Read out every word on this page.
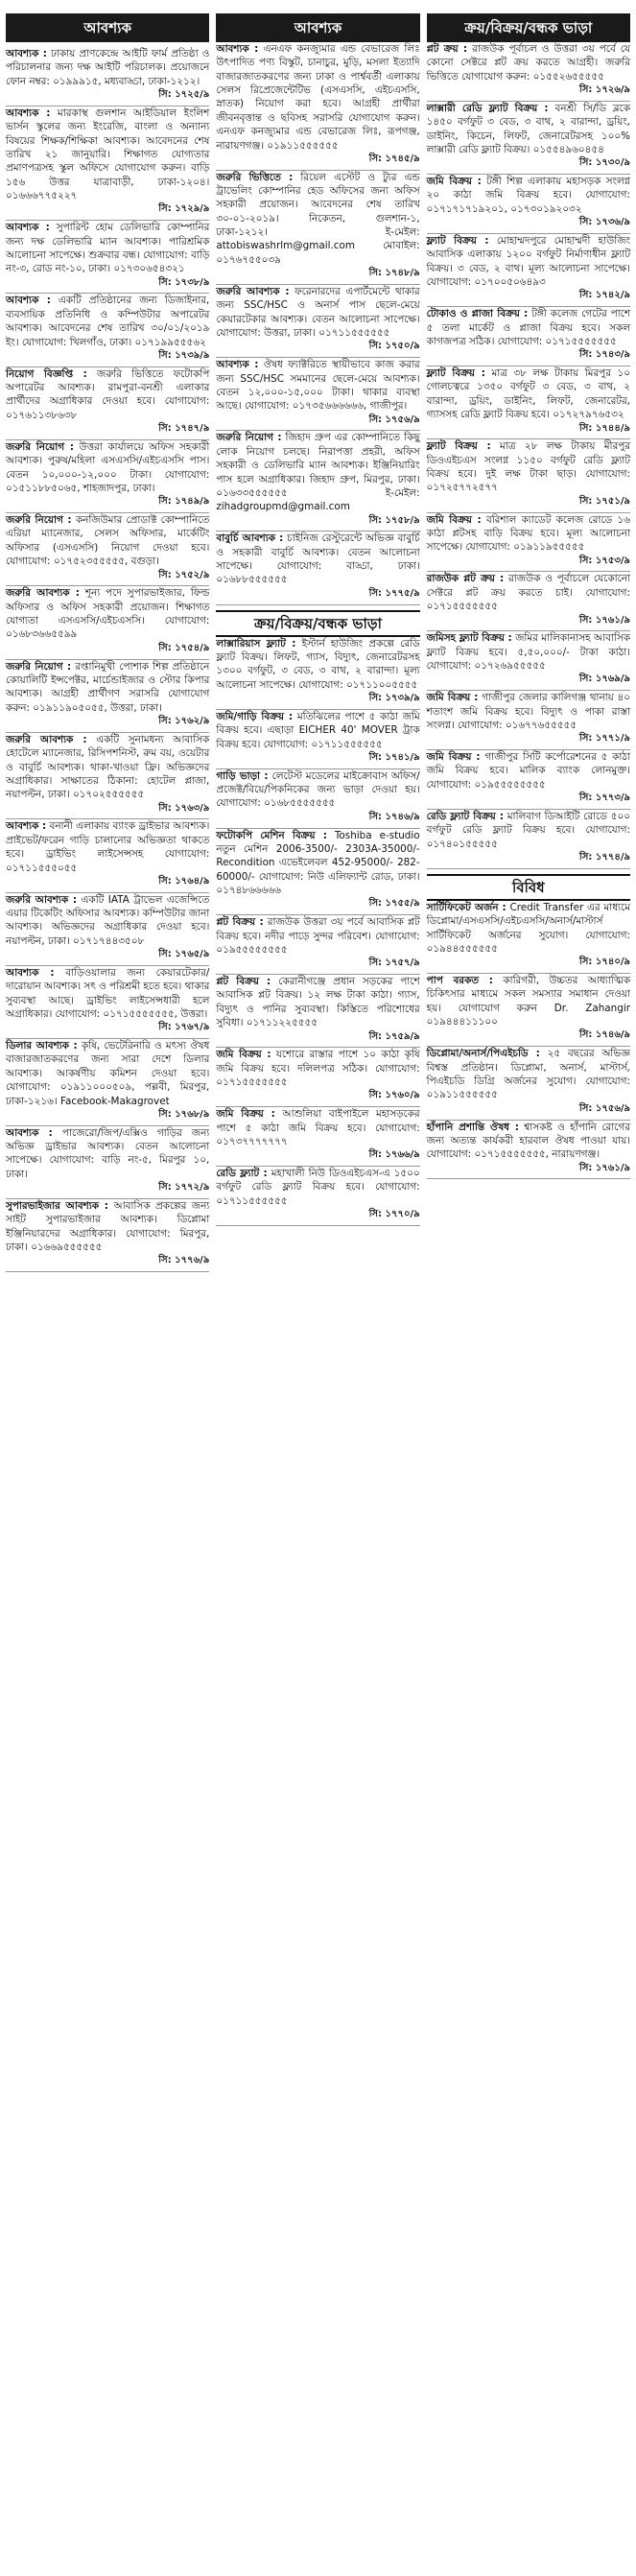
আবশ্যক
আবশ্যক : ঢাকায় প্রাণকেন্দ্রে আইটি ফার্ম প্রতিষ্ঠা ও পরিচালনার জন্য দক্ষ আইটি পরিচালক। প্রয়োজনে ফোন নম্বর: ০১৯৯৯১৫, মধ্যবাড্ডা, ঢাকা-১২১২।
সি: ১৭২৫/৯
আবশ্যক : মারকাস্থ গুলশান আইডিয়াল ইংলিশ ভার্সন স্কুলের জন্য ইংরেজি, বাংলা ও অন্যান্য বিষয়ের শিক্ষক/শিক্ষিকা আবশ্যক। আবেদনের শেষ তারিখ ২১ জানুয়ারি। শিক্ষাগত যোগ্যতার প্রমাণপত্রসহ স্কুল অফিসে যোগাযোগ করুন। বাড়ি ১৫৬ উত্তর যাত্রাবাড়ী, ঢাকা-১২০৪। ০১৬৬৬৭৭৫২২৭
সি: ১৭২৯/৯
আবশ্যক : সুপারিন্ট হোম ডেলিভারি কোম্পানির জন্য দক্ষ ডেলিভারি ম্যান আবশ্যক। পারিশ্রমিক আলোচনা সাপেক্ষে। শুক্রবার বন্ধ। যোগাযোগ: বাড়ি নং-৩, রোড নং-১০, ঢাকা। ০১৭৩০৬৫৪৩২১
সি: ১৭৩৮/৯
আবশ্যক : একটি প্রতিষ্ঠানের জন্য ডিজাইনার, ব্যবসায়িক প্রতিনিধি ও কম্পিউটার অপারেটর আবশ্যক। আবেদনের শেষ তারিখ ৩০/০১/২০১৯ ইং। যোগাযোগ: খিলগাঁও, ঢাকা। ০১৭১৯৯৫৫৫৬২
সি: ১৭৩৯/৯
নিয়োগ বিজ্ঞপ্তি : জরুরি ভিত্তিতে ফটোকপি অপারেটর আবশ্যক। রামপুরা-বনশ্রী এলাকার প্রার্থীদের অগ্রাধিকার দেওয়া হবে। যোগাযোগ: ০১৭৬১১৩৮৬৩৮
সি: ১৭৪৭/৯
জরুরি নিয়োগ : উত্তরা কার্যালয়ে অফিস সহকারী আবশ্যক। পুরুষ/মহিলা এসএসসি/এইচএসসি পাস। বেতন ১০,০০০-১২,০০০ টাকা। যোগাযোগ: ০১৫১১৮৮৫০৬৫, শাহজাদপুর, ঢাকা।
সি: ১৭৪৯/৯
জরুরি নিয়োগ : কনজিউমার প্রোডাক্ট কোম্পানিতে এরিয়া ম্যানেজার, সেলস অফিসার, মার্কেটিং অফিসার (এসএসসি) নিয়োগ দেওয়া হবে। যোগাযোগ: ০১৭৫২৩৫৫৫৫৫, বগুড়া।
সি: ১৭৫২/৯
জরুরি আবশ্যক : শূন্য পদে সুপারভাইজার, ফিল্ড অফিসার ও অফিস সহকারী প্রয়োজন। শিক্ষাগত যোগ্যতা এসএসসি/এইচএসসি। যোগাযোগ: ০১৬৮৩৬৬৫৫৯৯
সি: ১৭৫৪/৯
জরুরি নিয়োগ : রপ্তানিমুখী পোশাক শিল্প প্রতিষ্ঠানে কোয়ালিটি ইন্সপেক্টর, মার্চেন্ডাইজার ও স্টোর কিপার আবশ্যক। আগ্রহী প্রার্থীগণ সরাসরি যোগাযোগ করুন: ০১৯১১৯০৫০৫৫, উত্তরা, ঢাকা।
সি: ১৭৬২/৯
জরুরি আবশ্যক : একটি সুনামধন্য আবাসিক হোটেলে ম্যানেজার, রিসিপশনিস্ট, রুম বয়, ওয়েটার ও বাবুর্চি আবশ্যক। থাকা-খাওয়া ফ্রি। অভিজ্ঞদের অগ্রাধিকার। সাক্ষাতের ঠিকানা: হোটেল প্লাজা, নয়াপল্টন, ঢাকা। ০১৭০২৫৫৫৫৫৫
সি: ১৭৬৩/৯
আবশ্যক : বনানী এলাকায় ব্যাংক ড্রাইভার আবশ্যক। প্রাইভেট/ফরেন গাড়ি চালানোর অভিজ্ঞতা থাকতে হবে। ড্রাইভিং লাইসেন্সসহ যোগাযোগ: ০১৭১১৫৫৫০৫৫
সি: ১৭৬৪/৯
জরুরি আবশ্যক : একটি IATA ট্রাভেল এজেন্সিতে এয়ার টিকেটিং অফিসার আবশ্যক। কম্পিউটার জানা আবশ্যক। অভিজ্ঞদের অগ্রাধিকার দেওয়া হবে। নয়াপল্টন, ঢাকা। ০১৭১৭৪৪৩৫০৮
সি: ১৭৬৫/৯
আবশ্যক : বাড়িওয়ালার জন্য কেয়ারটেকার/দারোয়ান আবশ্যক। সৎ ও পরিশ্রমী হতে হবে। থাকার সুব্যবস্থা আছে। ড্রাইভিং লাইসেন্সধারী হলে অগ্রাধিকার। যোগাযোগ: ০১৭১৫৫৫৫৫৫৫, উত্তরা।
সি: ১৭৬৭/৯
ডিলার আবশ্যক : কৃষি, ভেটেরিনারি ও মৎস্য ঔষধ বাজারজাতকরণের জন্য সারা দেশে ডিলার আবশ্যক। আকর্ষণীয় কমিশন দেওয়া হবে। যোগাযোগ: ০১৯১১০০০৫০৯, পল্লবী, মিরপুর, ঢাকা-১২১৬। Facebook-Makagrovet
সি: ১৭৬৮/৯
আবশ্যক : পাজেরো/জিপ/এক্সিও গাড়ির জন্য অভিজ্ঞ ড্রাইভার আবশ্যক। বেতন আলোচনা সাপেক্ষে। যোগাযোগ: বাড়ি নং-৫, মিরপুর ১০, ঢাকা।
সি: ১৭৭২/৯
সুপারভাইজার আবশ্যক : আবাসিক প্রকল্পের জন্য সাইট সুপারভাইজার আবশ্যক। ডিপ্লোমা ইঞ্জিনিয়ারদের অগ্রাধিকার। যোগাযোগ: মিরপুর, ঢাকা। ০১৬৬৯৫৫৫৫৫৫
সি: ১৭৭৬/৯
আবশ্যক
আবশ্যক : এনএফ কনজ্যুমার এন্ড বেভারেজ লিঃ উৎপাদিত পণ্য বিস্কুট, চানাচুর, মুড়ি, মসলা ইত্যাদি বাজারজাতকরণের জন্য ঢাকা ও পার্শ্ববর্তী এলাকায় সেলস রিপ্রেজেন্টেটিভ (এসএসসি, এইচএসসি, স্নাতক) নিয়োগ করা হবে। আগ্রহী প্রার্থীরা জীবনবৃত্তান্ত ও ছবিসহ সরাসরি যোগাযোগ করুন। এনএফ কনজ্যুমার এন্ড বেভারেজ লিঃ, রূপগঞ্জ, নারায়ণগঞ্জ। ০১৯১১৫৫৫৫৫৫
সি: ১৭৪৫/৯
জরুরি ভিত্তিতে : রিয়েল এস্টেট ও ট্যুর এন্ড ট্রাভেলিং কোম্পানির হেড অফিসের জন্য অফিস সহকারী প্রয়োজন। আবেদনের শেষ তারিখ ৩০-০১-২০১৯। নিকেতন, গুলশান-১, ঢাকা-১২১২। ই-মেইল: attobiswashrlm@gmail.com মোবাইল: ০১৭৬৭৫৫০৩৯
সি: ১৭৪৮/৯
জরুরি আবশ্যক : ফরেনারদের এপার্টমেন্টে থাকার জন্য SSC/HSC ও অনার্স পাস ছেলে-মেয়ে কেয়ারটেকার আবশ্যক। বেতন আলোচনা সাপেক্ষে। যোগাযোগ: উত্তরা, ঢাকা। ০১৭১১৫৫৫৫৫৫
সি: ১৭৫০/৯
আবশ্যক : ঔষধ ফ্যাক্টরিতে স্থায়ীভাবে কাজ করার জন্য SSC/HSC সমমানের ছেলে-মেয়ে আবশ্যক। বেতন ১২,০০০-১৫,০০০ টাকা। থাকার ব্যবস্থা আছে। যোগাযোগ: ০১৭৩৫৬৬৬৬৬৬, গাজীপুর।
সি: ১৭৫৬/৯
জরুরি নিয়োগ : জিহাদ গ্রুপ এর কোম্পানিতে কিছু লোক নিয়োগ চলছে। নিরাপত্তা প্রহরী, অফিস সহকারী ও ডেলিভারি ম্যান আবশ্যক। ইঞ্জিনিয়ারিং পাস হলে অগ্রাধিকার। জিহাদ গ্রুপ, মিরপুর, ঢাকা। ০১৬৩৩৫৫৫৫৫৫ ই-মেইল: zihadgroupmd@gmail.com
সি: ১৭৫৮/৯
বাবুর্চি আবশ্যক : চাইনিজ রেস্টুরেন্টে অভিজ্ঞ বাবুর্চি ও সহকারী বাবুর্চি আবশ্যক। বেতন আলোচনা সাপেক্ষে। যোগাযোগ: বাড্ডা, ঢাকা। ০১৬৮৮৫৫৫৫৫৫
সি: ১৭৭৫/৯
ক্রয়/বিক্রয়/বন্ধক ভাড়া
লাক্সারিয়াস ফ্ল্যাট : ইস্টার্ন হাউজিং প্রকল্পে রেডি ফ্ল্যাট বিক্রয়। লিফট, গ্যাস, বিদ্যুৎ, জেনারেটরসহ ১৩০০ বর্গফুট, ৩ বেড, ৩ বাথ, ২ বারান্দা। মূল্য আলোচনা সাপেক্ষে। যোগাযোগ: ০১৭১১০০৫৫৫৫
সি: ১৭৩৯/৯
জমি/গাড়ি বিক্রয় : মতিঝিলের পাশে ৫ কাঠা জমি বিক্রয় হবে। এছাড়া EICHER 40' MOVER ট্রাক বিক্রয় হবে। যোগাযোগ: ০১৭১১৫৫৫৫৫৫
সি: ১৭৪১/৯
গাড়ি ভাড়া : লেটেস্ট মডেলের মাইক্রোবাস অফিস/প্রজেক্ট/বিয়ে/পিকনিকের জন্য ভাড়া দেওয়া হয়। যোগাযোগ: ০১৬৮৫৫৫৫৫৫৫
সি: ১৭৪৬/৯
ফটোকপি মেশিন বিক্রয় : Toshiba e-studio নতুন মেশিন 2006-3500/- 2303A-35000/- Recondition এভেইলেবল 452-95000/- 282-60000/- যোগাযোগ: নিউ এলিফ্যান্ট রোড, ঢাকা। ০১৭৪৮৬৬৬৬৬
সি: ১৭৫৫/৯
প্লট বিক্রয় : রাজউক উত্তরা ৩য় পর্বে আবাসিক প্লট বিক্রয় হবে। নদীর পাড়ে সুন্দর পরিবেশ। যোগাযোগ: ০১৯৫৫৫৫৫৫৫৫
সি: ১৭৫৭/৯
প্লট বিক্রয় : কেরানীগঞ্জে প্রধান সড়কের পাশে আবাসিক প্লট বিক্রয়। ১২ লক্ষ টাকা কাঠা। গ্যাস, বিদ্যুৎ ও পানির সুব্যবস্থা। কিস্তিতে পরিশোধের সুবিধা। ০১৭১১২২৫৫৫৫
সি: ১৭৫৯/৯
জমি বিক্রয় : যশোরে রাস্তার পাশে ১০ কাঠা কৃষি জমি বিক্রয় হবে। দলিলপত্র সঠিক। যোগাযোগ: ০১৭১৫৫৫৫৫৫৫
সি: ১৭৬০/৯
জমি বিক্রয় : আশুলিয়া বাইপাইলে মহাসড়কের পাশে ৫ কাঠা জমি বিক্রয় হবে। যোগাযোগ: ০১৭৩৭৭৭৭৭৭৭
সি: ১৭৬৬/৯
রেডি ফ্ল্যাট : মহাখালী নিউ ডিওএইচএস-এ ১৫০০ বর্গফুট রেডি ফ্ল্যাট বিক্রয় হবে। যোগাযোগ: ০১৭১১৫৫৫৫৫৫
সি: ১৭৭০/৯
ক্রয়/বিক্রয়/বন্ধক ভাড়া
প্লট ক্রয় : রাজউক পূর্বাচল ও উত্তরা ৩য় পর্বে যে কোনো সেক্টরে প্লট ক্রয় করতে আগ্রহী। জরুরি ভিত্তিতে যোগাযোগ করুন: ০১৫৫২৬৫৫৫৫৫
সি: ১৭২৬/৯
লাক্সারী রেডি ফ্ল্যাট বিক্রয় : বনশ্রী সি/ডি ব্লকে ১৪৫০ বর্গফুট ৩ বেড, ৩ বাথ, ২ বারান্দা, ড্রয়িং, ডাইনিং, কিচেন, লিফট, জেনারেটরসহ ১০০% লাক্সারী রেডি ফ্ল্যাট বিক্রয়। ০১৫৫৪৯৬০৪৫৪
সি: ১৭৩০/৯
জমি বিক্রয় : টঙ্গী শিল্প এলাকায় মহাসড়ক সংলগ্ন ২০ কাঠা জমি বিক্রয় হবে। যোগাযোগ: ০১৭১৭১৭১৯২০১, ০১৭৩০১৯২০৩২
সি: ১৭৩৬/৯
ফ্ল্যাট বিক্রয় : মোহাম্মদপুরে মোহাম্মদী হাউজিং আবাসিক এলাকায় ১২০০ বর্গফুট নির্মাণাধীন ফ্ল্যাট বিক্রয়। ৩ বেড, ২ বাথ। মূল্য আলোচনা সাপেক্ষে। যোগাযোগ: ০১৭০০৫০৬৪৯৩
সি: ১৭৪২/৯
টোকাও ও প্লাজা বিক্রয় : টঙ্গী কলেজ গেটের পাশে ৫ তলা মার্কেট ও প্লাজা বিক্রয় হবে। সকল কাগজপত্র সঠিক। যোগাযোগ: ০১৭১৫৫৫৫৫৫৫
সি: ১৭৪৩/৯
ফ্ল্যাট বিক্রয় : মাত্র ৩৮ লক্ষ টাকায় মিরপুর ১০ গোলচত্বরে ১৩৫০ বর্গফুট ৩ বেড, ৩ বাথ, ২ বারান্দা, ড্রয়িং, ডাইনিং, লিফট, জেনারেটর, গ্যাসসহ রেডি ফ্ল্যাট বিক্রয় হবে। ০১৭২৭৯৭৬৫৩২
সি: ১৭৪৪/৯
ফ্ল্যাট বিক্রয় : মাত্র ২৮ লক্ষ টাকায় মীরপুর ডিওএইচএস সংলগ্ন ১১৫০ বর্গফুট রেডি ফ্ল্যাট বিক্রয় হবে। দুই লক্ষ টাকা ছাড়। যোগাযোগ: ০১৭২৫৭৭২৫৭৭
সি: ১৭৫১/৯
জমি বিক্রয় : বরিশাল ক্যাডেট কলেজ রোডে ১৬ কাঠা প্লটসহ বাড়ি বিক্রয় হবে। মূল্য আলোচনা সাপেক্ষে। যোগাযোগ: ০১৯১১৯৫৫৫৫৫
সি: ১৭৫৩/৯
রাজউক প্লট ক্রয় : রাজউক ও পূর্বাচলে যেকোনো সেক্টরে প্লট ক্রয় করতে চাই। যোগাযোগ: ০১৭১৫৫৫৫৫৫৫
সি: ১৭৬১/৯
জমিসহ ফ্ল্যাট বিক্রয় : জমির মালিকানাসহ আবাসিক ফ্ল্যাট বিক্রয় হবে। ৫,৫০,০০০/- টাকা কাঠা। যোগাযোগ: ০১৭২৬৯৫৫৫৫৫
সি: ১৭৬৯/৯
জমি বিক্রয় : গাজীপুর জেলার কালিগঞ্জ থানায় ৪০ শতাংশ জমি বিক্রয় হবে। বিদ্যুৎ ও পাকা রাস্তা সংলগ্ন। যোগাযোগ: ০১৬৭৭৬৫৫৫৫৫
সি: ১৭৭১/৯
জমি বিক্রয় : গাজীপুর সিটি কর্পোরেশনের ৫ কাঠা জমি বিক্রয় হবে। মালিক ব্যাংক লোনমুক্ত। যোগাযোগ: ০১৯৫৫৫৫৫৫৫৫
সি: ১৭৭৩/৯
রেডি ফ্ল্যাট বিক্রয় : মালিবাগ ডিআইটি রোডে ৫০০ বর্গফুট রেডি ফ্ল্যাট বিক্রয় হবে। যোগাযোগ: ০১৭৪০১৫৫৫৫৫
সি: ১৭৭৪/৯
বিবিধ
সার্টিফিকেট অর্জন : Credit Transfer এর মাধ্যমে ডিপ্লোমা/এসএসসি/এইচএসসি/অনার্স/মাস্টার্স সার্টিফিকেট অর্জনের সুযোগ। যোগাযোগ: ০১৯৪৪৫৫৫৫৫৫
সি: ১৭৪০/৯
পাপ বরকত : কারিগরী, উচ্চতর আধ্যাত্মিক চিকিৎসার মাধ্যমে সকল সমস্যার সমাধান দেওয়া হয়। যোগাযোগ করুন Dr. Zahangir ০১৯৪৪৪১১১০০
সি: ১৭৪৬/৯
ডিপ্লোমা/অনার্স/পিএইচডি : ২৫ বছরের অভিজ্ঞ বিশ্বস্ত প্রতিষ্ঠান। ডিপ্লোমা, অনার্স, মাস্টার্স, পিএইচডি ডিগ্রি অর্জনের সুযোগ। যোগাযোগ: ০১৯১১৫৫৫৫৫৫
সি: ১৭৫৬/৯
হাঁপানি প্রশান্তি ঔষধ : শ্বাসকষ্ট ও হাঁপানি রোগের জন্য অত্যন্ত কার্যকরী হারবাল ঔষধ পাওয়া যায়। যোগাযোগ: ০১৭১৫৫৫৫৫৫৫, নারায়ণগঞ্জ।
সি: ১৭৬১/৯
